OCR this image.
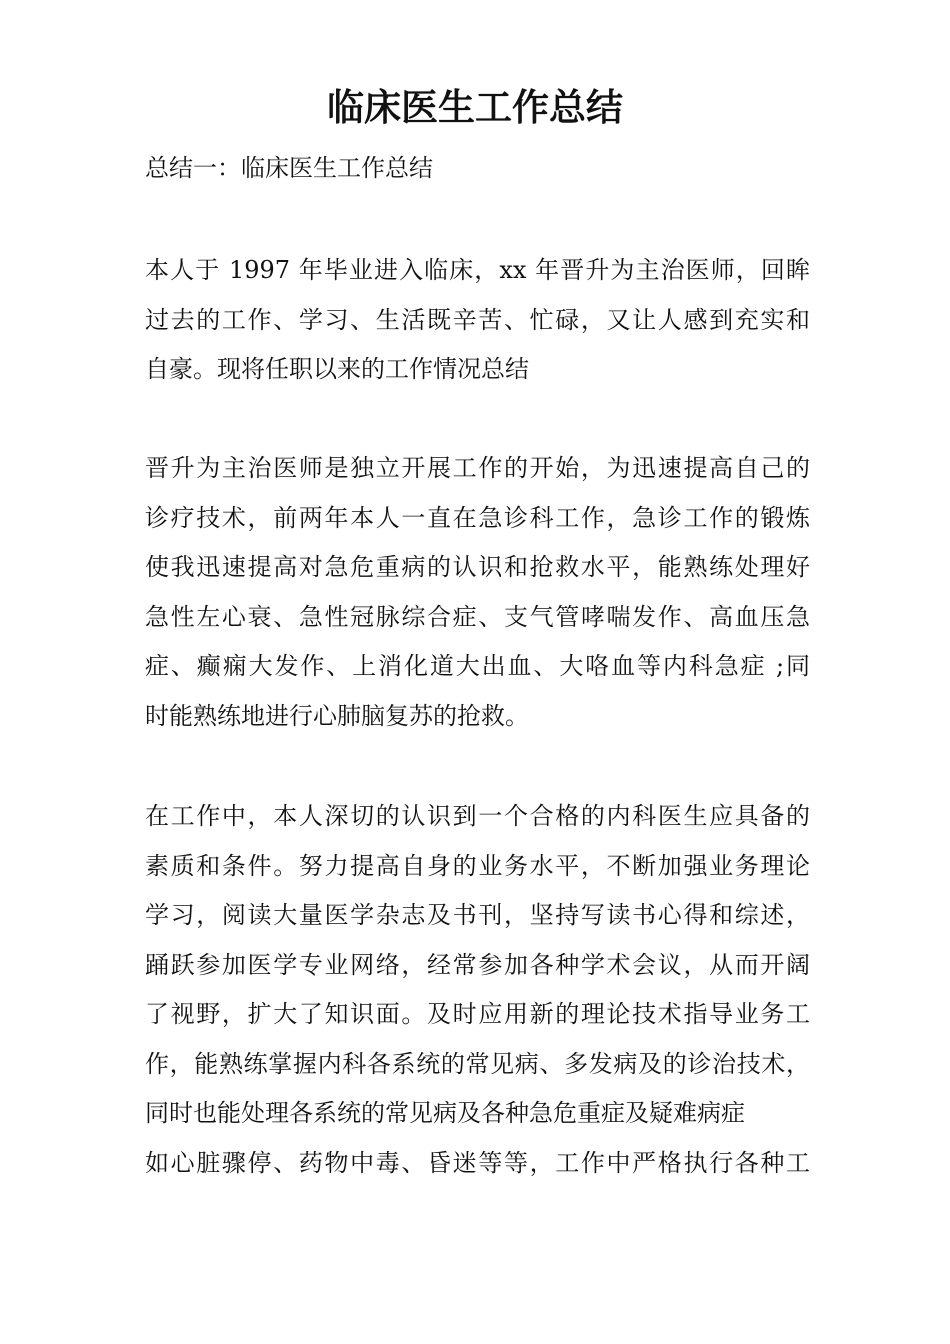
临床医生工作总结
总结一：临床医生工作总结
本人于 1997 年毕业进入临床，xx 年晋升为主治医师，回眸
过去的工作、学习、生活既辛苦、忙碌，又让人感到充实和
自豪。现将任职以来的工作情况总结
晋升为主治医师是独立开展工作的开始，为迅速提高自己的
诊疗技术，前两年本人一直在急诊科工作，急诊工作的锻炼
使我迅速提高对急危重病的认识和抢救水平，能熟练处理好
急性左心衰、急性冠脉综合症、支气管哮喘发作、高血压急
症、癫痫大发作、上消化道大出血、大咯血等内科急症 ;同
时能熟练地进行心肺脑复苏的抢救。
在工作中，本人深切的认识到一个合格的内科医生应具备的
素质和条件。努力提高自身的业务水平，不断加强业务理论
学习，阅读大量医学杂志及书刊，坚持写读书心得和综述，
踊跃参加医学专业网络，经常参加各种学术会议，从而开阔
了视野，扩大了知识面。及时应用新的理论技术指导业务工
作，能熟练掌握内科各系统的常见病、多发病及的诊治技术，
同时也能处理各系统的常见病及各种急危重症及疑难病症
如心脏骤停、药物中毒、昏迷等等，工作中严格执行各种工
